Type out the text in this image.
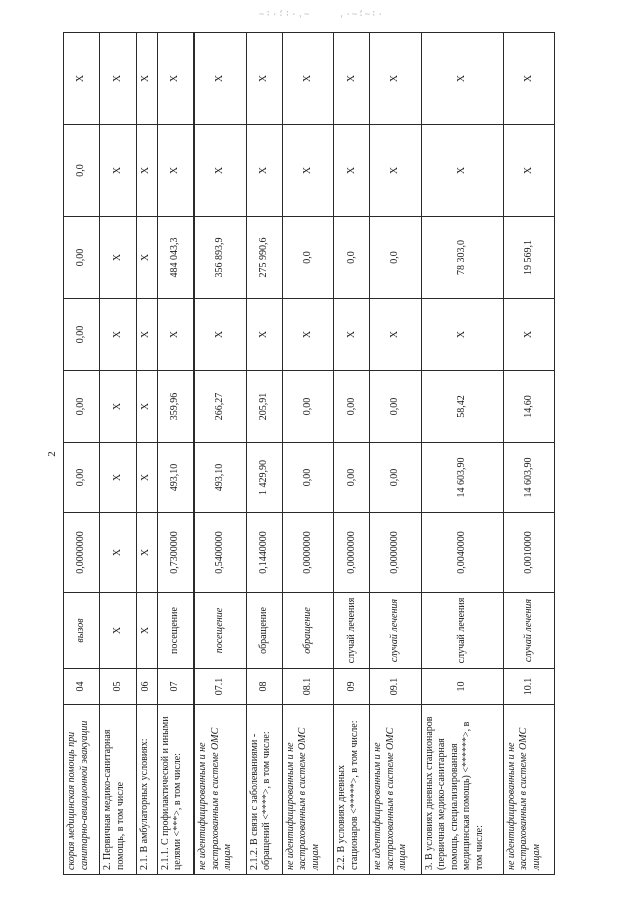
~'·:;·:~	·:~;~·'
2
скорая медицинская помощь при санитарно-авиационной эвакуации	04	вызов	0,0000000	0,00	0,00	0,00	0,00	0,0	X
2. Первичная медико-санитарная помощь, в том числе	05	X	X	X	X	X	X	X	X
2.1. В амбулаторных условиях:	06	X	X	X	X	X	X	X	X
2.1.1. С профилактической и иными целями <***>, в том числе:	07	посещение	0,7300000	493,10	359,96	X	484 043,3	X	X
не идентифицированным и не застрахованным в системе ОМС лицам	07.1	посещение	0,5400000	493,10	266,27	X	356 893,9	X	X
2.1.2. В связи с заболеваниями - обращений <****>, в том числе:	08	обращение	0,1440000	1 429,90	205,91	X	275 990,6	X	X
не идентифицированным и не застрахованным в системе ОМС лицам	08.1	обращение	0,0000000	0,00	0,00	X	0,0	X	X
2.2. В условиях дневных стационаров <*****>, в том числе:	09	случай лечения	0,0000000	0,00	0,00	X	0,0	X	X
не идентифицированным и не застрахованным в системе ОМС лицам	09.1	случай лечения	0,0000000	0,00	0,00	X	0,0	X	X
3. В условиях дневных стационаров (первичная медико-санитарная помощь, специализированная медицинская помощь) <******>, в том числе:	10	случай лечения	0,0040000	14 603,90	58,42	X	78 303,0	X	X
не идентифицированным и не застрахованным в системе ОМС лицам	10.1	случай лечения	0,0010000	14 603,90	14,60	X	19 569,1	X	X
